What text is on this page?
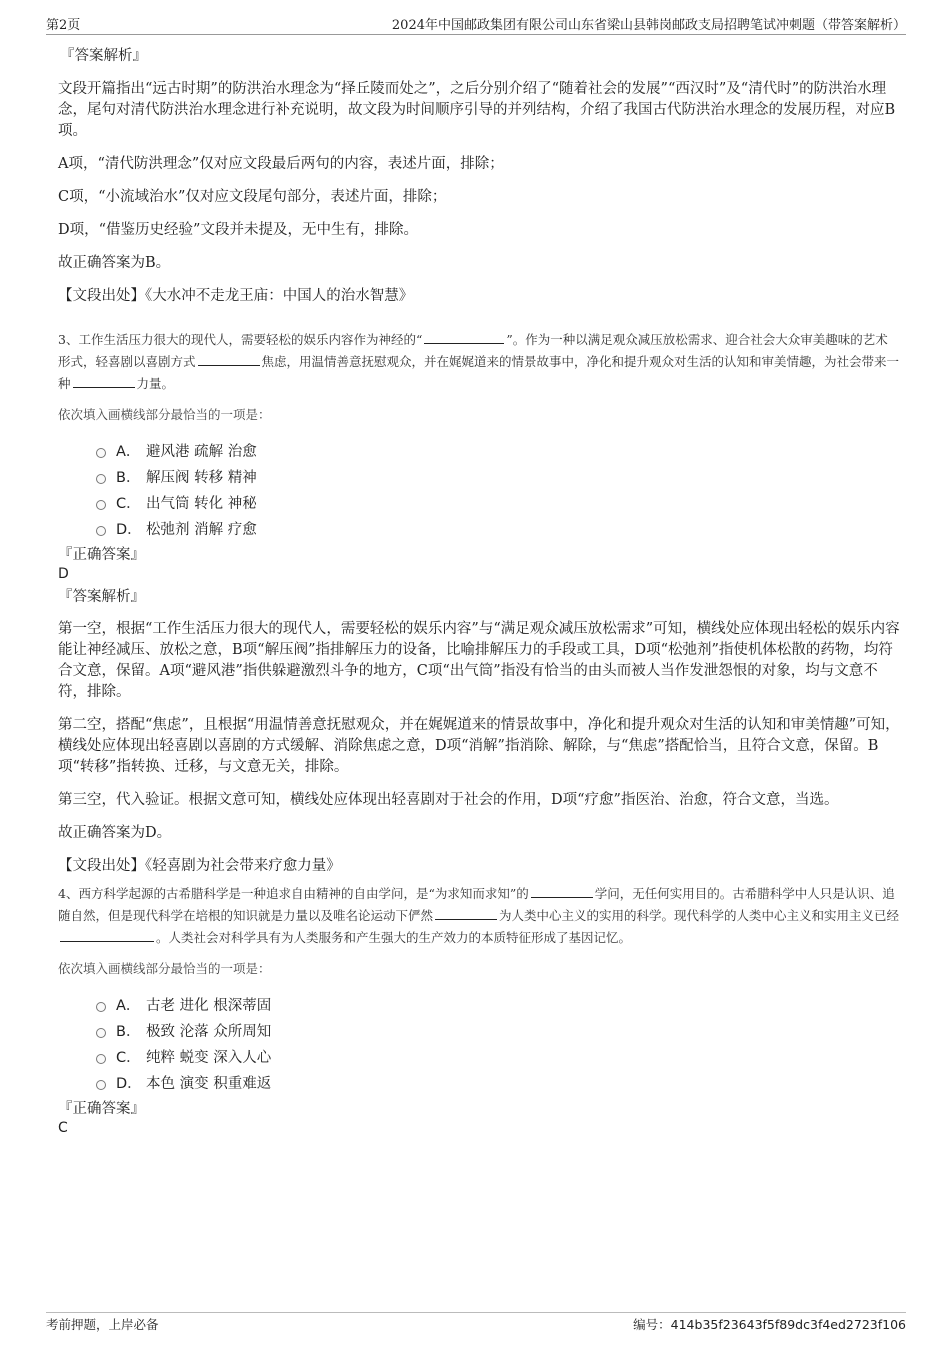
第2页	2024年中国邮政集团有限公司山东省梁山县韩岗邮政支局招聘笔试冲刺题（带答案解析）

『答案解析』

文段开篇指出“远古时期”的防洪治水理念为“择丘陵而处之”，之后分别介绍了“随着社会的发展”“西汉时”及“清代时”的防洪治水理念，尾句对清代防洪治水理念进行补充说明，故文段为时间顺序引导的并列结构，介绍了我国古代防洪治水理念的发展历程，对应B项。

A项，“清代防洪理念”仅对应文段最后两句的内容，表述片面，排除；

C项，“小流域治水”仅对应文段尾句部分，表述片面，排除；

D项，“借鉴历史经验”文段并未提及，无中生有，排除。

故正确答案为B。

【文段出处】《大水冲不走龙王庙：中国人的治水智慧》

3、工作生活压力很大的现代人，需要轻松的娱乐内容作为神经的“	”。作为一种以满足观众减压放松需求、迎合社会大众审美趣味的艺术形式，轻喜剧以喜剧方式	焦虑，用温情善意抚慰观众，并在娓娓道来的情景故事中，净化和提升观众对生活的认知和审美情趣，为社会带来一种	力量。

依次填入画横线部分最恰当的一项是：

A． 避风港 疏解 治愈
B． 解压阀 转移 精神
C． 出气筒 转化 神秘
D． 松弛剂 消解 疗愈

『正确答案』

D

『答案解析』

第一空，根据“工作生活压力很大的现代人，需要轻松的娱乐内容”与“满足观众减压放松需求”可知，横线处应体现出轻松的娱乐内容能让神经减压、放松之意，B项“解压阀”指排解压力的设备，比喻排解压力的手段或工具，D项“松弛剂”指使机体松散的药物，均符合文意，保留。A项“避风港”指供躲避激烈斗争的地方，C项“出气筒”指没有恰当的由头而被人当作发泄怨恨的对象，均与文意不符，排除。

第二空，搭配“焦虑”，且根据“用温情善意抚慰观众，并在娓娓道来的情景故事中，净化和提升观众对生活的认知和审美情趣”可知，横线处应体现出轻喜剧以喜剧的方式缓解、消除焦虑之意，D项“消解”指消除、解除，与“焦虑”搭配恰当，且符合文意，保留。B项“转移”指转换、迁移，与文意无关，排除。

第三空，代入验证。根据文意可知，横线处应体现出轻喜剧对于社会的作用，D项“疗愈”指医治、治愈，符合文意，当选。

故正确答案为D。

【文段出处】《轻喜剧为社会带来疗愈力量》

4、西方科学起源的古希腊科学是一种追求自由精神的自由学问，是“为求知而求知”的	学问，无任何实用目的。古希腊科学中人只是认识、追随自然，但是现代科学在培根的知识就是力量以及唯名论运动下俨然	为人类中心主义的实用的科学。现代科学的人类中心主义和实用主义已经。人类社会对科学具有为人类服务和产生强大的生产效力的本质特征形成了基因记忆。

依次填入画横线部分最恰当的一项是：

A． 古老 进化 根深蒂固
B． 极致 沦落 众所周知
C． 纯粹 蜕变 深入人心
D． 本色 演变 积重难返

『正确答案』

C

考前押题，上岸必备	编号：414b35f23643f5f89dc3f4ed2723f106
